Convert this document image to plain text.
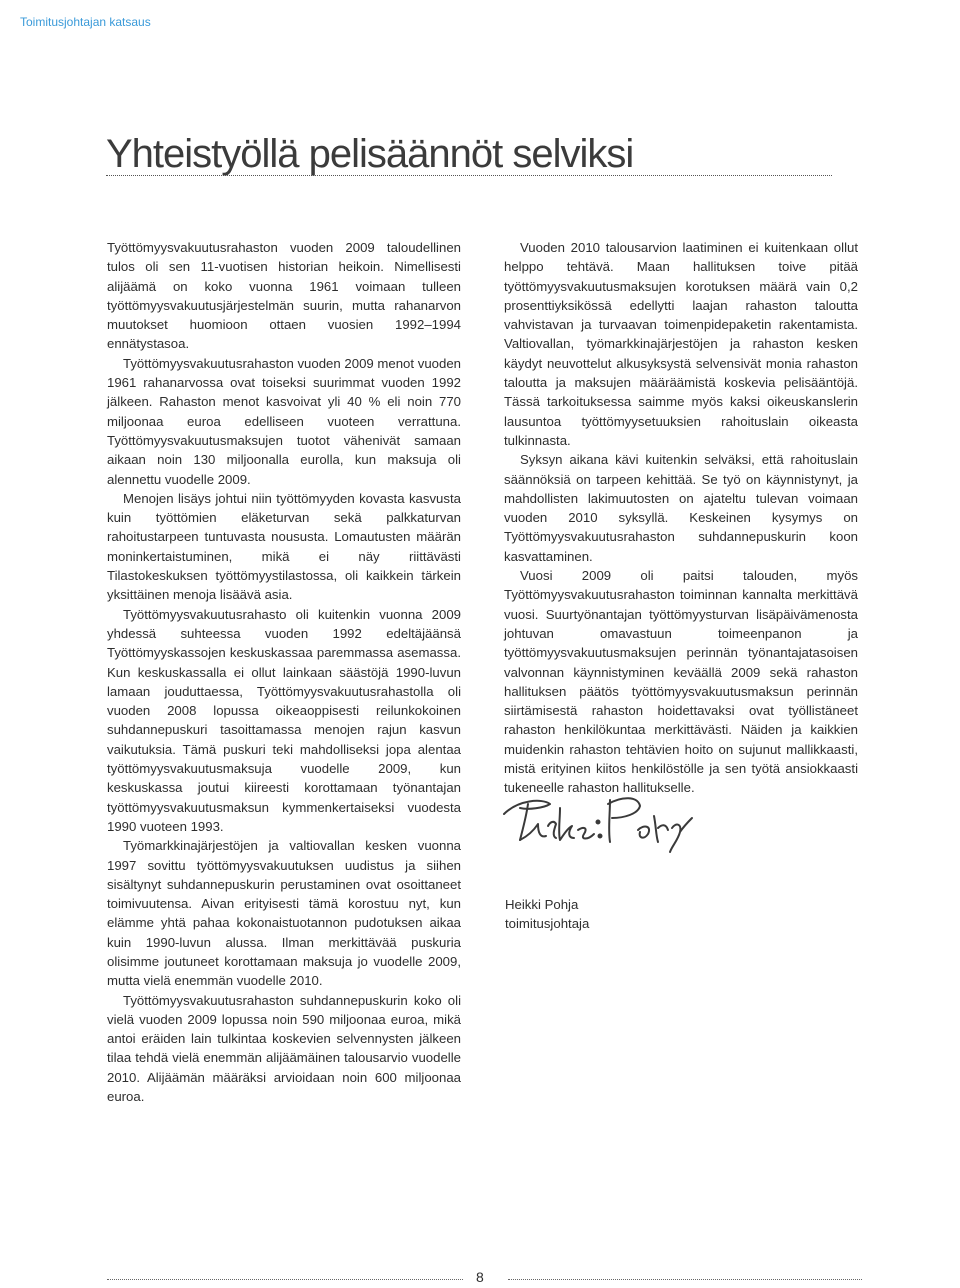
Toimitusjohtajan katsaus
Yhteistyöllä pelisäännöt selviksi

Työttömyysvakuutusrahaston vuoden 2009 taloudellinen tulos oli sen 11-vuotisen historian heikoin. Nimellisesti alijäämä on koko vuonna 1961 voimaan tulleen työttömyysvakuutusjärjestelmän suurin, mutta rahanarvon muutokset huomioon ottaen vuosien 1992–1994 ennätystasoa.

Työttömyysvakuutusrahaston vuoden 2009 menot vuoden 1961 rahanarvossa ovat toiseksi suurimmat vuoden 1992 jälkeen. Rahaston menot kasvoivat yli 40 % eli noin 770 miljoonaa euroa edelliseen vuoteen verrattuna. Työttömyysvakuutusmaksujen tuotot vähenivät samaan aikaan noin 130 miljoonalla eurolla, kun maksuja oli alennettu vuodelle 2009.

Menojen lisäys johtui niin työttömyyden kovasta kasvusta kuin työttömien eläketurvan sekä palkkaturvan rahoitustarpeen tuntuvasta noususta. Lomautusten määrän moninkertaistuminen, mikä ei näy riittävästi Tilastokeskuksen työttömyystilastossa, oli kaikkein tärkein yksittäinen menoja lisäävä asia.

Työttömyysvakuutusrahasto oli kuitenkin vuonna 2009 yhdessä suhteessa vuoden 1992 edeltäjäänsä Työttömyyskassojen keskuskassaa paremmassa asemassa. Kun keskuskassalla ei ollut lainkaan säästöjä 1990-luvun lamaan jouduttaessa, Työttömyysvakuutusrahastolla oli vuoden 2008 lopussa oikeaoppisesti reilunkokoinen suhdannepuskuri tasoittamassa menojen rajun kasvun vaikutuksia. Tämä puskuri teki mahdolliseksi jopa alentaa työttömyysvakuutusmaksuja vuodelle 2009, kun keskuskassa joutui kiireesti korottamaan työnantajan työttömyysvakuutusmaksun kymmenkertaiseksi vuodesta 1990 vuoteen 1993.

Työmarkkinajärjestöjen ja valtiovallan kesken vuonna 1997 sovittu työttömyysvakuutuksen uudistus ja siihen sisältynyt suhdannepuskurin perustaminen ovat osoittaneet toimivuutensa. Aivan erityisesti tämä korostuu nyt, kun elämme yhtä pahaa kokonaistuotannon pudotuksen aikaa kuin 1990-luvun alussa. Ilman merkittävää puskuria olisimme joutuneet korottamaan maksuja jo vuodelle 2009, mutta vielä enemmän vuodelle 2010.

Työttömyysvakuutusrahaston suhdannepuskurin koko oli vielä vuoden 2009 lopussa noin 590 miljoonaa euroa, mikä antoi eräiden lain tulkintaa koskevien selvennysten jälkeen tilaa tehdä vielä enemmän alijäämäinen talousarvio vuodelle 2010. Alijäämän määräksi arvioidaan noin 600 miljoonaa euroa.

Vuoden 2010 talousarvion laatiminen ei kuitenkaan ollut helppo tehtävä. Maan hallituksen toive pitää työttömyysvakuutusmaksujen korotuksen määrä vain 0,2 prosenttiyksikössä edellytti laajan rahaston taloutta vahvistavan ja turvaavan toimenpidepaketin rakentamista. Valtiovallan, työmarkkinajärjestöjen ja rahaston kesken käydyt neuvottelut alkusyksystä selvensivät monia rahaston taloutta ja maksujen määräämistä koskevia pelisääntöjä. Tässä tarkoituksessa saimme myös kaksi oikeuskanslerin lausuntoa työttömyysetuuksien rahoituslain oikeasta tulkinnasta.

Syksyn aikana kävi kuitenkin selväksi, että rahoituslain säännöksiä on tarpeen kehittää. Se työ on käynnistynyt, ja mahdollisten lakimuutosten on ajateltu tulevan voimaan vuoden 2010 syksyllä. Keskeinen kysymys on Työttömyysvakuutusrahaston suhdannepuskurin koon kasvattaminen.

Vuosi 2009 oli paitsi talouden, myös Työttömyysvakuutusrahaston toiminnan kannalta merkittävä vuosi. Suurtyönantajan työttömyysturvan lisäpäivämenosta johtuvan omavastuun toimeenpanon ja työttömyysvakuutusmaksujen perinnän työnantajatasoisen valvonnan käynnistyminen keväällä 2009 sekä rahaston hallituksen päätös työttömyysvakuutusmaksun perinnän siirtämisestä rahaston hoidettavaksi ovat työllistäneet rahaston henkilökuntaa merkittävästi. Näiden ja kaikkien muidenkin rahaston tehtävien hoito on sujunut mallikkaasti, mistä erityinen kiitos henkilöstölle ja sen työtä ansiokkaasti tukeneelle rahaston hallitukselle.

Heikki Pohja
toimitusjohtaja
8
